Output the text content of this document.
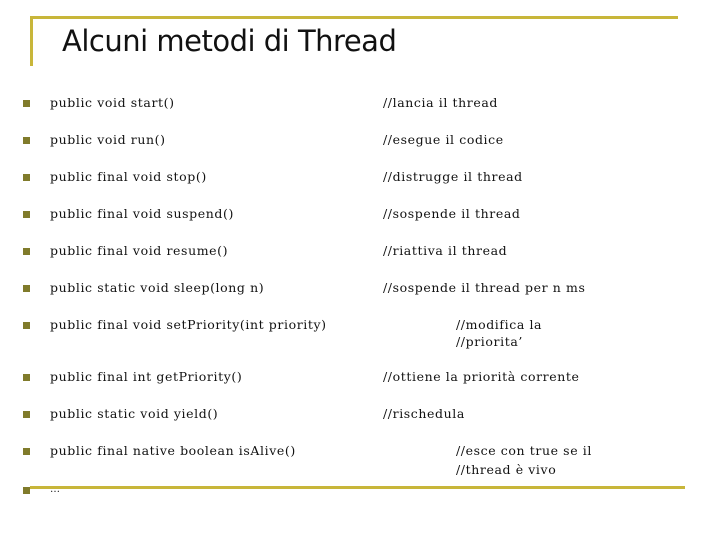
Alcuni metodi di Thread
public void start()	//lancia il thread
public void run()	//esegue il codice
public final void stop()	//distrugge il thread
public final void suspend()	//sospende il thread
public final void resume()	//riattiva il thread
public static void sleep(long n)	//sospende il thread per n ms
public final void setPriority(int priority)	//modifica la
//priorita’
public final int getPriority()	//ottiene la priorità corrente
public static void yield()	//rischedula
public final native boolean isAlive()	//esce con true se il
//thread è vivo
…
